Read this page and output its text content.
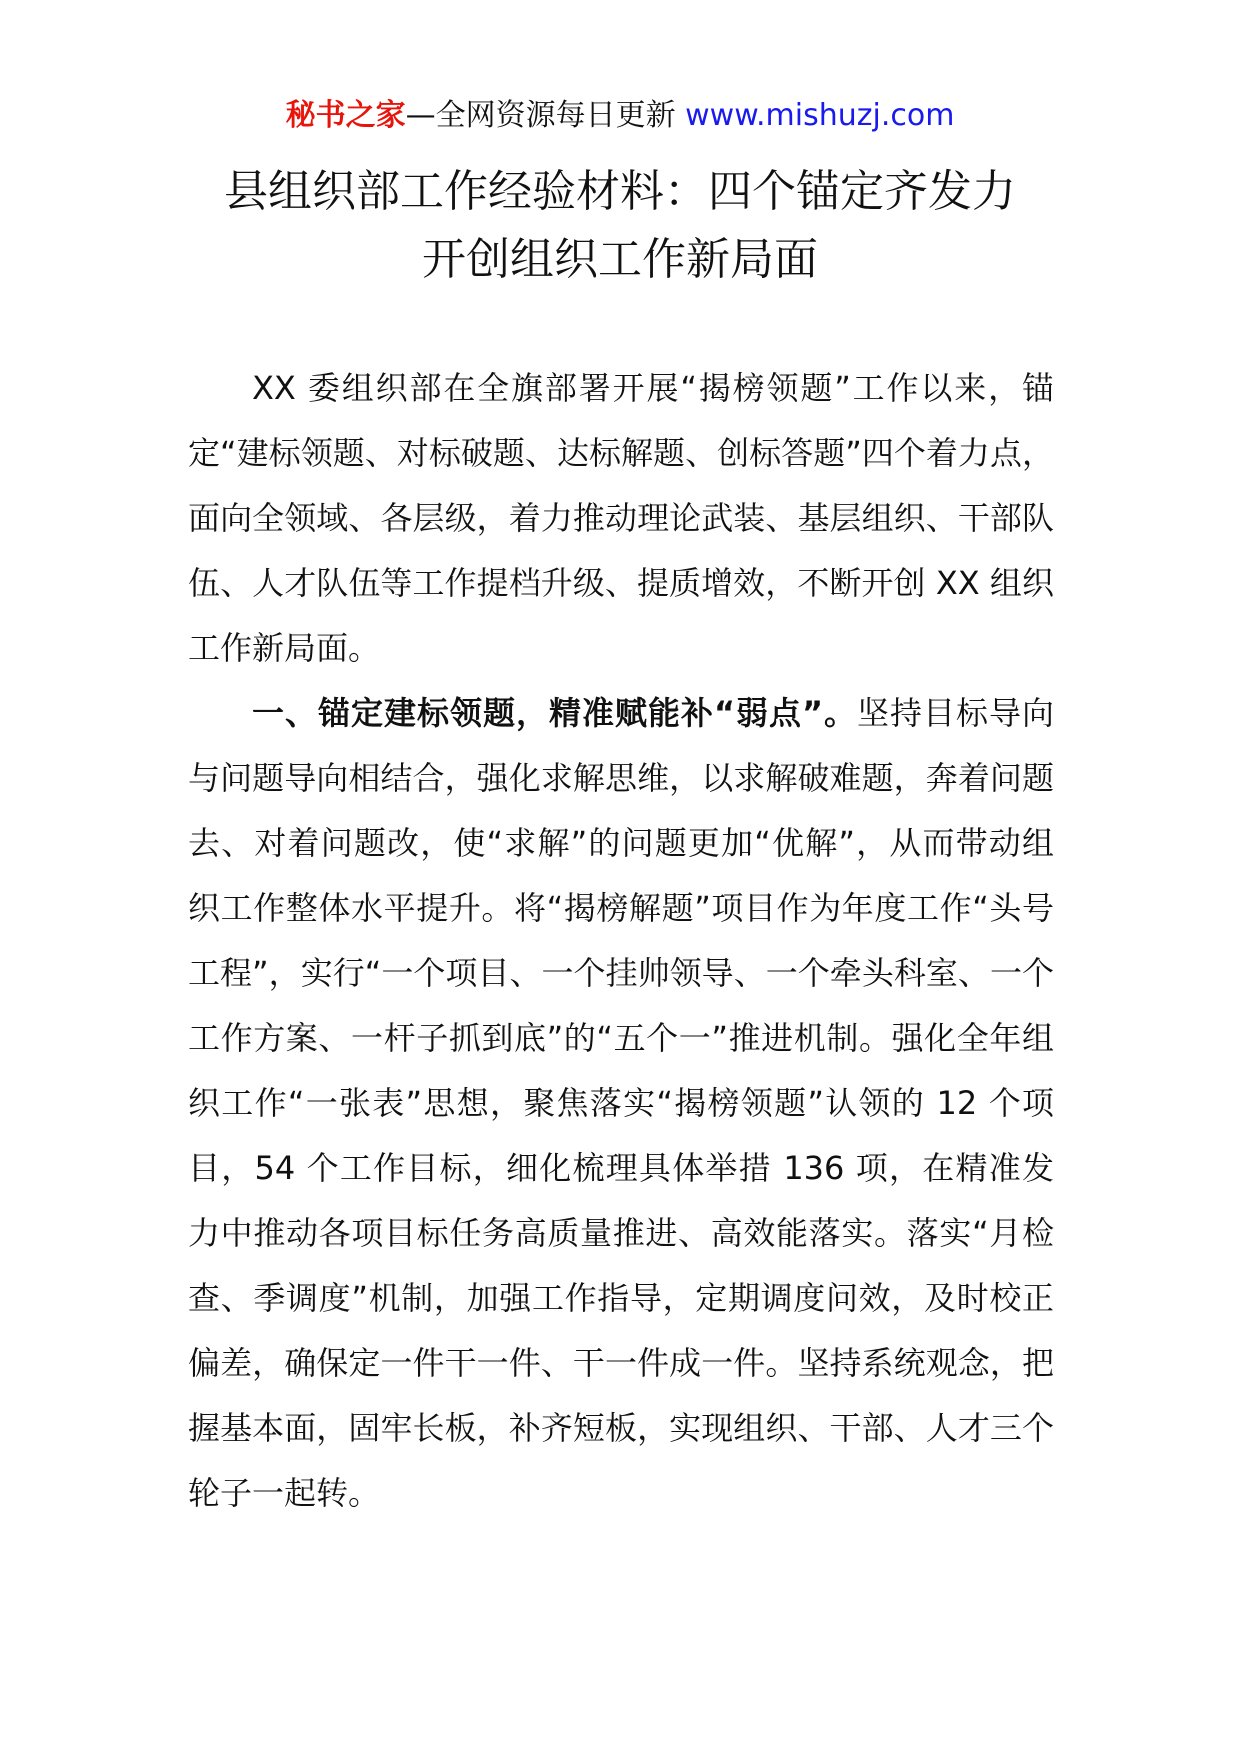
秘书之家—全网资源每日更新 www.mishuzj.com
县组织部工作经验材料：四个锚定齐发力
开创组织工作新局面

XX 委组织部在全旗部署开展“揭榜领题”工作以来，锚定“建标领题、对标破题、达标解题、创标答题”四个着力点，面向全领域、各层级，着力推动理论武装、基层组织、干部队伍、人才队伍等工作提档升级、提质增效，不断开创 XX 组织工作新局面。

一、锚定建标领题，精准赋能补“弱点”。坚持目标导向与问题导向相结合，强化求解思维，以求解破难题，奔着问题去、对着问题改，使“求解”的问题更加“优解”，从而带动组织工作整体水平提升。将“揭榜解题”项目作为年度工作“头号工程”，实行“一个项目、一个挂帅领导、一个牵头科室、一个工作方案、一杆子抓到底”的“五个一”推进机制。强化全年组织工作“一张表”思想，聚焦落实“揭榜领题”认领的 12 个项目，54 个工作目标，细化梳理具体举措 136 项，在精准发力中推动各项目标任务高质量推进、高效能落实。落实“月检查、季调度”机制，加强工作指导，定期调度问效，及时校正偏差，确保定一件干一件、干一件成一件。坚持系统观念，把握基本面，固牢长板，补齐短板，实现组织、干部、人才三个轮子一起转。
